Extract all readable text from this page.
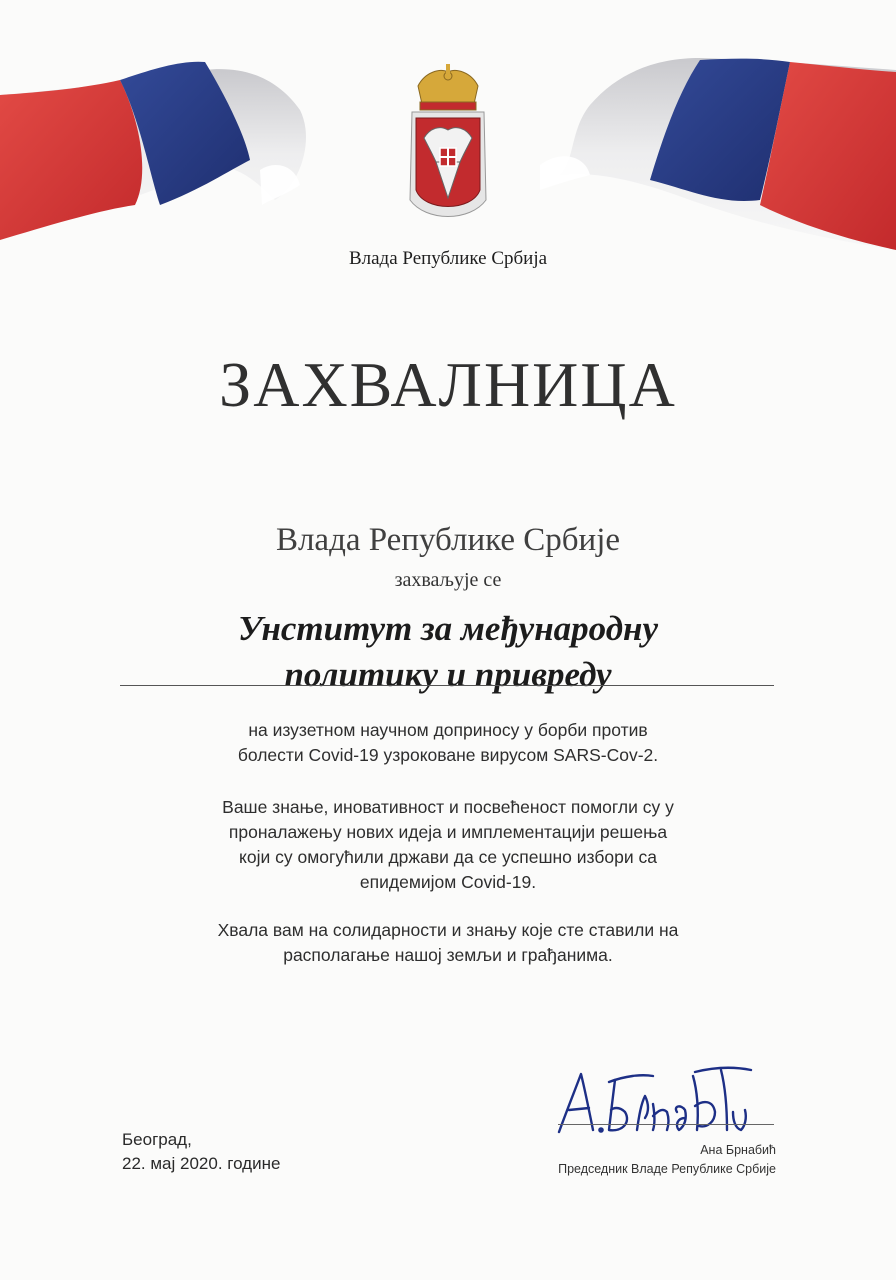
Влада Републике Србија
ЗАХВАЛНИЦА
Влада Републике Србије
захваљује се
Унститут за међународну
политику и привреду
на изузетном научном доприносу у борби против
болести Covid-19 узроковане вирусом SARS-Cov-2.
Ваше знање, иновативност и посвећеност помогли су у
проналажењу нових идеја и имплементацији решења
који су омогућили држави да се успешно избори са
епидемијом Covid-19.
Хвала вам на солидарности и знању које сте ставили на
располагање нашој земљи и грађанима.
Београд,
22. мај 2020. године
Ана Брнабић
Председник Владе Републике Србије
